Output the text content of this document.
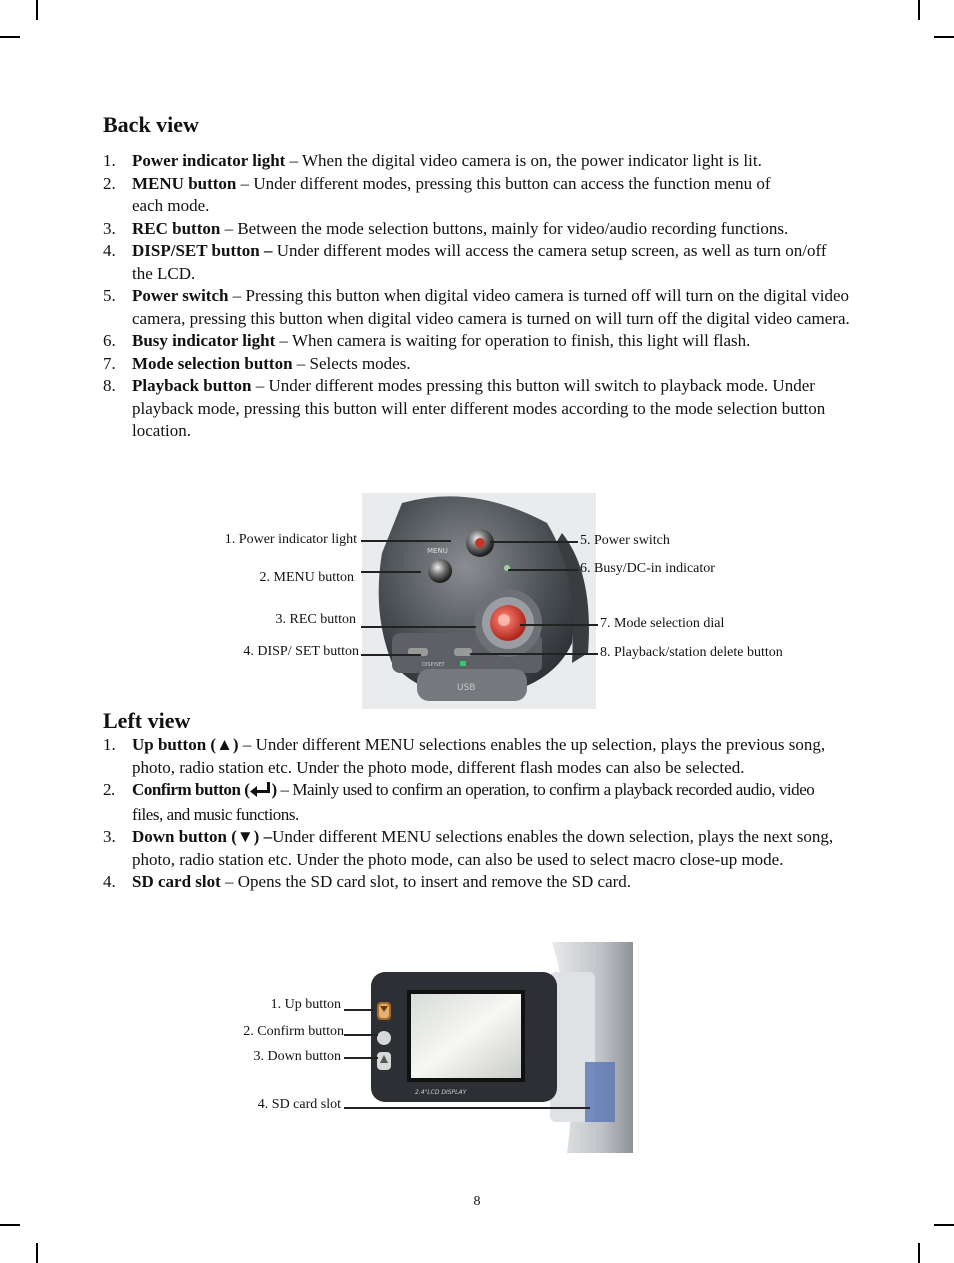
Back view
1. Power indicator light – When the digital video camera is on, the power indicator light is lit.
2. MENU button – Under different modes, pressing this button can access the function menu of each mode.
3. REC button – Between the mode selection buttons, mainly for video/audio recording functions.
4. DISP/SET button – Under different modes will access the camera setup screen, as well as turn on/off the LCD.
5. Power switch – Pressing this button when digital video camera is turned off will turn on the digital video camera, pressing this button when digital video camera is turned on will turn off the digital video camera.
6. Busy indicator light – When camera is waiting for operation to finish, this light will flash.
7. Mode selection button – Selects modes.
8. Playback button – Under different modes pressing this button will switch to playback mode. Under playback mode, pressing this button will enter different modes according to the mode selection button location.
USB
MENU
DISP/SET
1. Power indicator light
2. MENU button
3. REC button
4. DISP/ SET button
5. Power switch
6. Busy/DC-in indicator
7. Mode selection dial
8. Playback/station delete button
Left view
1. Up button (▲) – Under different MENU selections enables the up selection, plays the previous song, photo, radio station etc. Under the photo mode, different flash modes can also be selected.
2. Confirm button ( ) – Mainly used to confirm an operation, to confirm a playback recorded audio, video files, and music functions.
3. Down button (▼) –Under different MENU selections enables the down selection, plays the next song, photo, radio station etc. Under the photo mode, can also be used to select macro close-up mode.
4. SD card slot – Opens the SD card slot, to insert and remove the SD card.
2.4"LCD DISPLAY
1. Up button
2. Confirm button
3. Down button
4. SD card slot
8
